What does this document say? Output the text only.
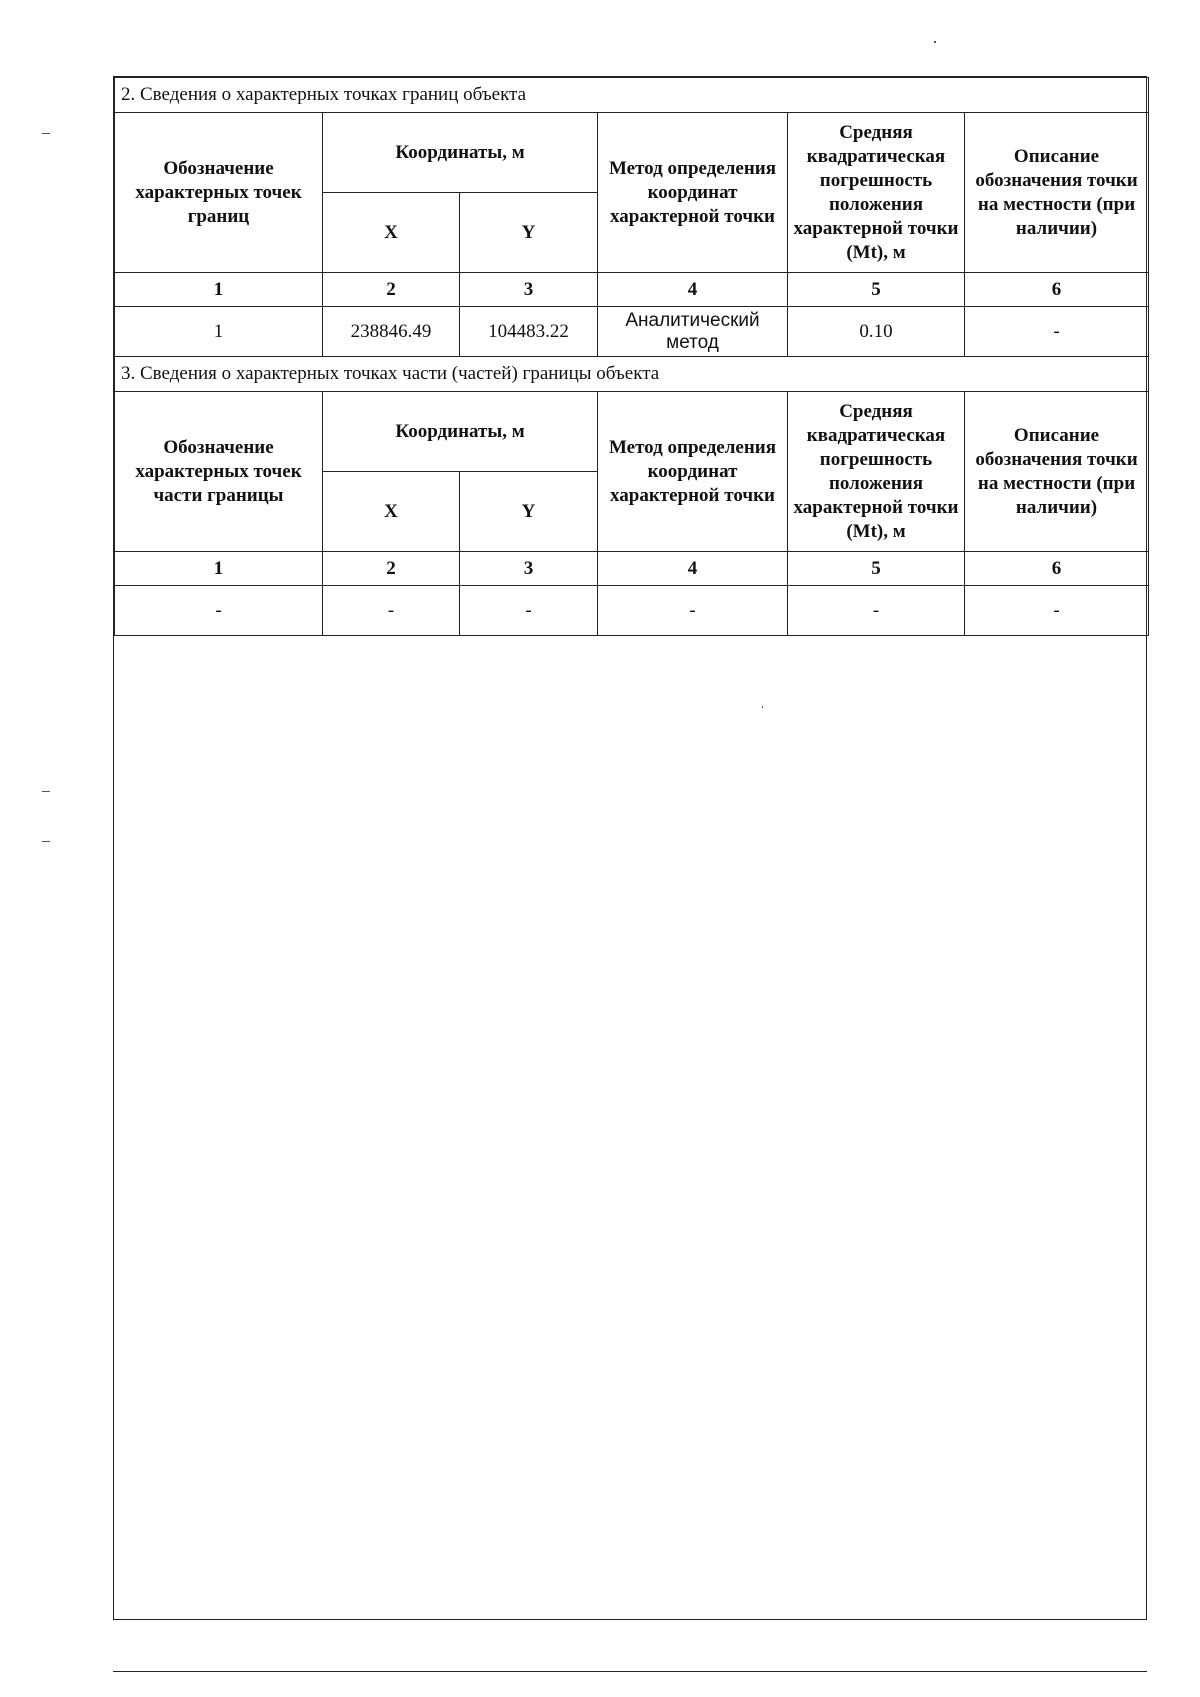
2. Сведения о характерных точках границ объекта					
Обозначение характерных точек границ	Координаты, м		Метод определения координат характерной точки	Средняя квадратическая погрешность положения характерной точки (Mt), м	Описание обозначения точки на местности (при наличии)
	X	Y			
1	2	3	4	5	6
1	238846.49	104483.22	Аналитический метод	0.10	-
3. Сведения о характерных точках части (частей) границы объекта					
Обозначение характерных точек части границы	Координаты, м		Метод определения координат характерной точки	Средняя квадратическая погрешность положения характерной точки (Mt), м	Описание обозначения точки на местности (при наличии)
	X	Y			
1	2	3	4	5	6
-	-	-	-	-	-
